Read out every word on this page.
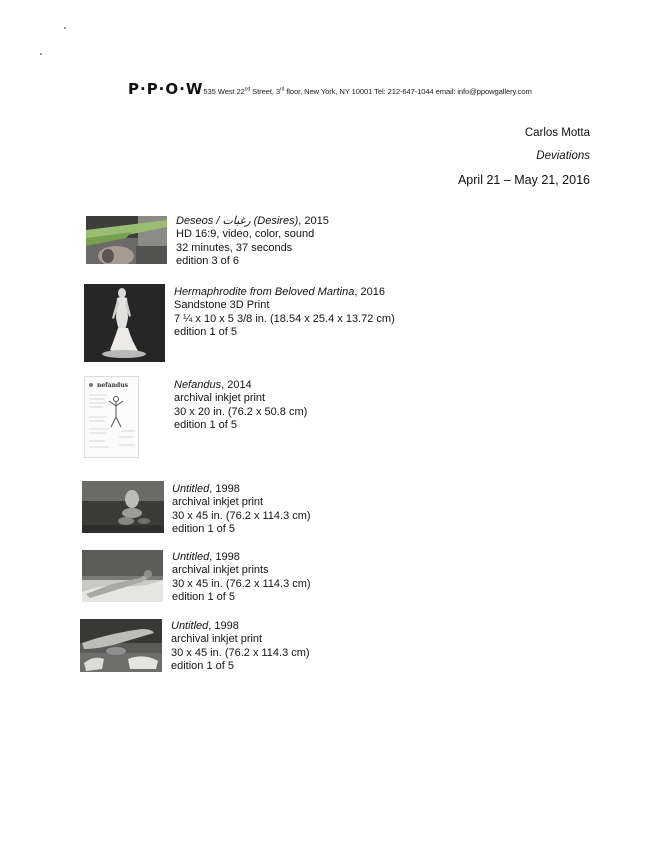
P·P·O·W535 West 22nd Street, 3rd floor, New York, NY 10001 Tel: 212-647-1044 email: info@ppowgallery.com
Carlos Motta
Deviations
April 21 – May 21, 2016
Deseos / رغبات (Desires), 2015
HD 16:9, video, color, sound
32 minutes, 37 seconds
edition 3 of 6
Hermaphrodite from Beloved Martina, 2016
Sandstone 3D Print
7 ¼ x 10 x 5 3/8 in. (18.54 x 25.4 x 13.72 cm)
edition 1 of 5
nefandus	Nefandus, 2014
archival inkjet print
30 x 20 in. (76.2 x 50.8 cm)
edition 1 of 5
Untitled, 1998
archival inkjet print
30 x 45 in. (76.2 x 114.3 cm)
edition 1 of 5
Untitled, 1998
archival inkjet prints
30 x 45 in. (76.2 x 114.3 cm)
edition 1 of 5
Untitled, 1998
archival inkjet print
30 x 45 in. (76.2 x 114.3 cm)
edition 1 of 5
